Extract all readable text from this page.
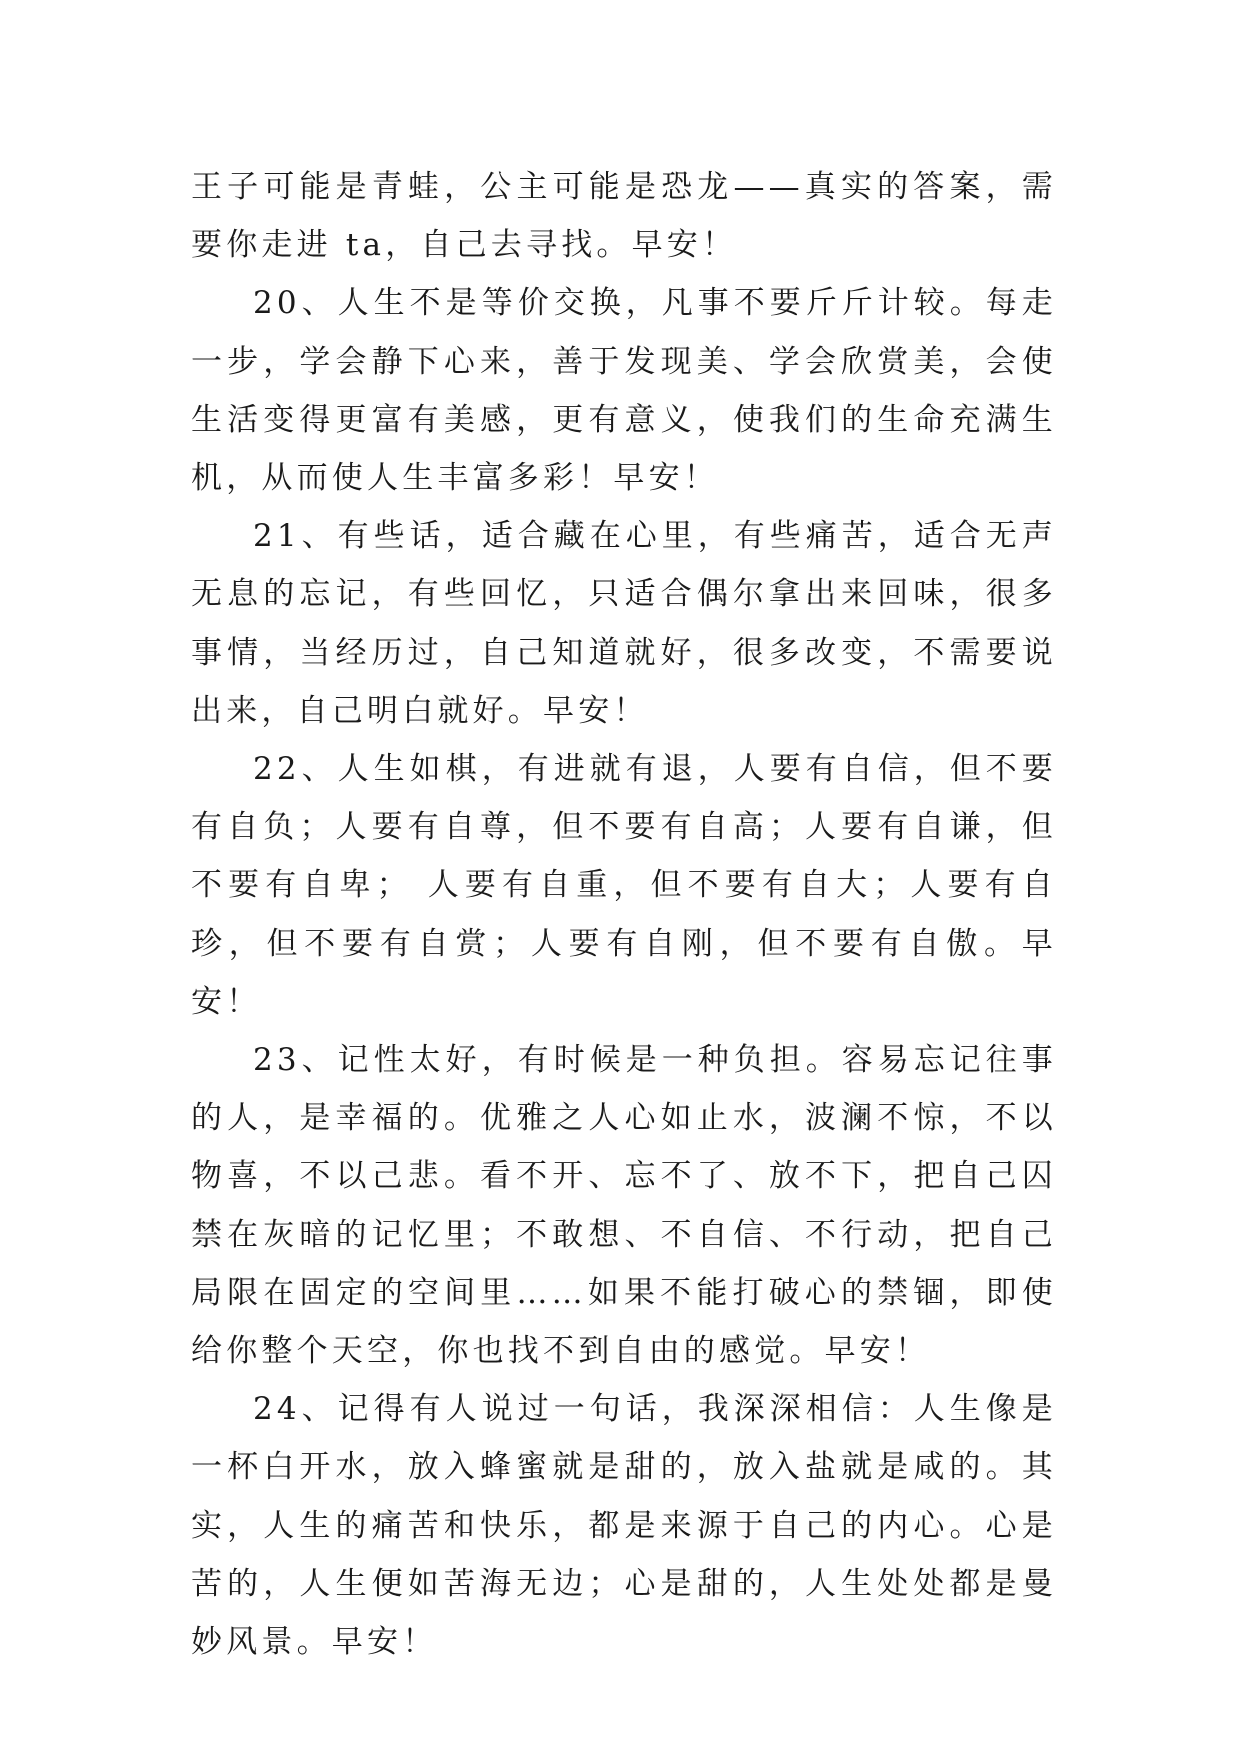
王子可能是青蛙，公主可能是恐龙——真实的答案，需要你走进 ta，自己去寻找。早安！

20、人生不是等价交换，凡事不要斤斤计较。每走一步，学会静下心来，善于发现美、学会欣赏美，会使生活变得更富有美感，更有意义，使我们的生命充满生机，从而使人生丰富多彩！早安！

21、有些话，适合藏在心里，有些痛苦，适合无声无息的忘记，有些回忆，只适合偶尔拿出来回味，很多事情，当经历过，自己知道就好，很多改变，不需要说出来，自己明白就好。早安！

22、人生如棋，有进就有退，人要有自信，但不要有自负；人要有自尊，但不要有自高；人要有自谦，但不要有自卑； 人要有自重，但不要有自大；人要有自珍，但不要有自赏；人要有自刚，但不要有自傲。早安！

23、记性太好，有时候是一种负担。容易忘记往事的人，是幸福的。优雅之人心如止水，波澜不惊，不以物喜，不以己悲。看不开、忘不了、放不下，把自己囚禁在灰暗的记忆里；不敢想、不自信、不行动，把自己局限在固定的空间里……如果不能打破心的禁锢，即使给你整个天空，你也找不到自由的感觉。早安！

24、记得有人说过一句话，我深深相信：人生像是一杯白开水，放入蜂蜜就是甜的，放入盐就是咸的。其实，人生的痛苦和快乐，都是来源于自己的内心。心是苦的，人生便如苦海无边；心是甜的，人生处处都是曼妙风景。早安！
